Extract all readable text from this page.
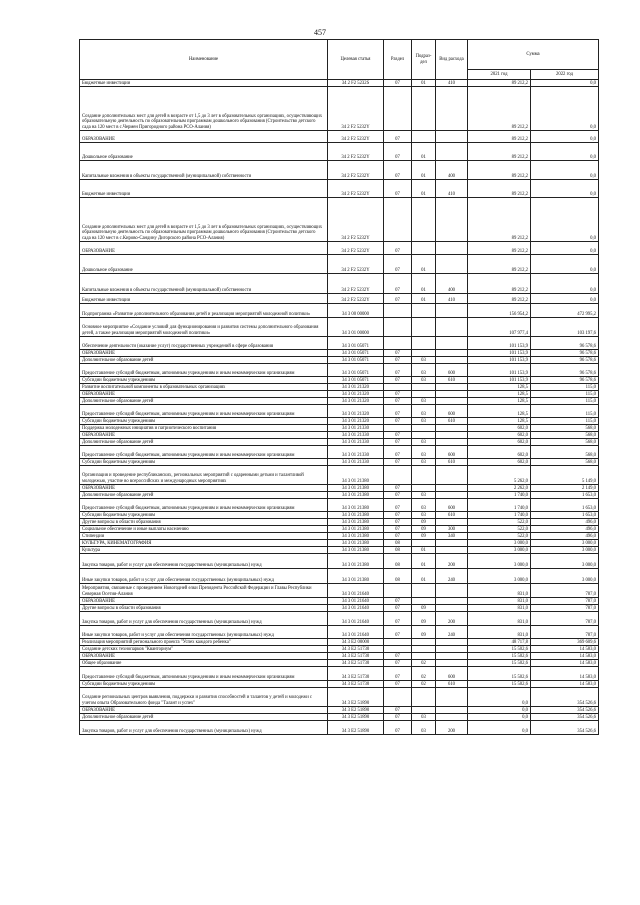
457
Наименование	Целевая статья	Раздел	Подраз-дел	Вид расхода	Сумма	
					2021 год	2022 год
Бюджетные инвестиции	34 2 F2 5232S	07	01	410	89 212,2	0,0
Создание дополнительных мест для детей в возрасте от 1,5 до 3 лет в образовательных организациях, осуществляющих образовательную деятельность по образовательным программам дошкольного образования (Строительство детского сада на 120 мест в с.Чермен Пригородного района РСО-Алания)	34 2 F2 5232Y				89 212,2	0,0
ОБРАЗОВАНИЕ	34 2 F2 5232Y	07			89 212,2	0,0
Дошкольное образование	34 2 F2 5232Y	07	01		89 212,2	0,0
Капитальные вложения в объекты государственной (муниципальной) собственности	34 2 F2 5232Y	07	01	400	89 212,2	0,0
Бюджетные инвестиции	34 2 F2 5232Y	07	01	410	89 212,2	0,0
Создание дополнительных мест для детей в возрасте от 1,5 до 3 лет в образовательных организациях, осуществляющих образовательную деятельность по образовательным программам дошкольного образования (Строительство детского сада на 120 мест в с.Кирово-Сандину Дигорского района РСО-Алания)	34 2 F2 5232Y				89 212,2	0,0
ОБРАЗОВАНИЕ	34 2 F2 5232Y	07			89 212,2	0,0
Дошкольное образование	34 2 F2 5232Y	07	01		89 212,2	0,0
Капитальные вложения в объекты государственной (муниципальной) собственности	34 2 F2 5232Y	07	01	400	89 212,2	0,0
Бюджетные инвестиции	34 2 F2 5232Y	07	01	410	89 212,2	0,0
Подпрограмма «Развитие дополнительного образования детей и реализация мероприятий молодежной политики»	34 3 00 00000				156 954,2	472 995,2
Основное мероприятие «Создание условий для функционирования и развития системы дополнительного образования детей, а также реализация мероприятий молодежной политики»	34 3 01 00000				107 977,4	103 197,6
Обеспечение деятельности (оказание услуг) государственных учреждений в сфере образования	34 3 01 05071				101 153,9	96 578,6
ОБРАЗОВАНИЕ	34 3 01 05071	07			101 153,9	96 578,6
Дополнительное образование детей	34 3 01 05071	07	03		101 153,9	96 578,6
Предоставление субсидий бюджетным, автономным учреждениям и иным некоммерческим организациям	34 3 01 05071	07	03	600	101 153,9	96 578,6
Субсидии бюджетным учреждениям	34 3 01 05071	07	03	610	101 153,9	96 578,6
Развитие воспитательной компоненты в образовательных организациях	34 3 01 21320				128,5	115,0
ОБРАЗОВАНИЕ	34 3 01 21320	07			128,5	115,0
Дополнительное образование детей	34 3 01 21320	07	03		128,5	115,0
Предоставление субсидий бюджетным, автономным учреждениям и иным некоммерческим организациям	34 3 01 21320	07	03	600	128,5	115,0
Субсидии бюджетным учреждениям	34 3 01 21320	07	03	610	128,5	115,0
Поддержка молодежных инициатив и патриотического воспитания	34 3 01 21330				602,0	568,0
ОБРАЗОВАНИЕ	34 3 01 21330	07			602,0	568,0
Дополнительное образование детей	34 3 01 21330	07	03		602,0	568,0
Предоставление субсидий бюджетным, автономным учреждениям и иным некоммерческим организациям	34 3 01 21330	07	03	600	602,0	568,0
Субсидии бюджетным учреждениям	34 3 01 21330	07	03	610	602,0	568,0
Организация и проведение республиканских, региональных мероприятий с одаренными детьми и талантливой молодежью, участие во всероссийских и международных мероприятиях	34 3 01 21380				5 262,0	5 149,0
ОБРАЗОВАНИЕ	34 3 01 21380	07			2 262,0	2 149,0
Дополнительное образование детей	34 3 01 21380	07	03		1 740,0	1 653,0
Предоставление субсидий бюджетным, автономным учреждениям и иным некоммерческим организациям	34 3 01 21380	07	03	600	1 740,0	1 653,0
Субсидии бюджетным учреждениям	34 3 01 21380	07	03	610	1 740,0	1 653,0
Другие вопросы в области образования	34 3 01 21380	07	09		522,0	496,0
Социальное обеспечение и иные выплаты населению	34 3 01 21380	07	09	300	522,0	496,0
Стипендии	34 3 01 21380	07	09	340	522,0	496,0
КУЛЬТУРА, КИНЕМАТОГРАФИЯ	34 3 01 21380	08			3 000,0	3 000,0
Культура	34 3 01 21380	08	01		3 000,0	3 000,0
Закупка товаров, работ и услуг для обеспечения государственных (муниципальных) нужд	34 3 01 21380	08	01	200	3 000,0	3 000,0
Иные закупки товаров, работ и услуг для обеспечения государственных (муниципальных) нужд	34 3 01 21380	08	01	240	3 000,0	3 000,0
Мероприятия, связанные с проведением Новогодней елки Президента Российской Федерации и Главы Республики Северная Осетия-Алания	34 3 01 21640				831,0	787,0
ОБРАЗОВАНИЕ	34 3 01 21640	07			831,0	787,0
Другие вопросы в области образования	34 3 01 21640	07	09		831,0	787,0
Закупка товаров, работ и услуг для обеспечения государственных (муниципальных) нужд	34 3 01 21640	07	09	200	831,0	787,0
Иные закупки товаров, работ и услуг для обеспечения государственных (муниципальных) нужд	34 3 01 21640	07	09	240	831,0	787,0
Реализация мероприятий регионального проекта "Успех каждого ребенка"	34 3 E2 00000				48 717,8	369 609,6
Создание детских технопарков "Кванториум"	34 3 E2 51730				15 502,6	14 583,0
ОБРАЗОВАНИЕ	34 3 E2 51730	07			15 502,6	14 583,0
Общее образование	34 3 E2 51730	07	02		15 502,6	14 583,0
Предоставление субсидий бюджетным, автономным учреждениям и иным некоммерческим организациям	34 3 E2 51730	07	02	600	15 502,6	14 583,0
Субсидии бюджетным учреждениям	34 3 E2 51730	07	02	610	15 502,6	14 583,0
Создание региональных центров выявления, поддержки и развития способностей и талантов у детей и молодежи с учетом опыта Образовательного фонда "Талант и успех"	34 3 E2 51890				0,0	354 526,6
ОБРАЗОВАНИЕ	34 3 E2 51890	07			0,0	354 526,6
Дополнительное образование детей	34 3 E2 51890	07	03		0,0	354 526,6
Закупка товаров, работ и услуг для обеспечения государственных (муниципальных) нужд	34 3 E2 51890	07	03	200	0,0	354 526,6
